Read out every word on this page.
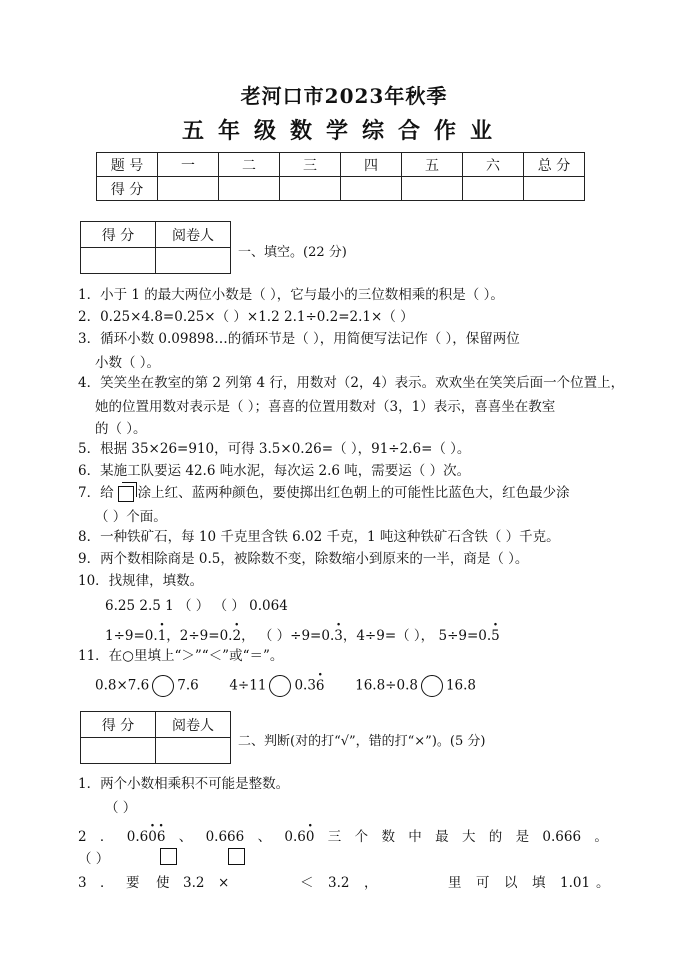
老河口市2023年秋季
五年级数学综合作业
题 号	一	二	三	四	五	六	总 分
得 分							
得 分	阅卷人

一、填空。(22 分)
1．小于 1 的最大两位小数是（ ），它与最小的三位数相乘的积是（ ）。
2．0.25×4.8=0.25×（ ）×1.2 2.1÷0.2=2.1×（ ）
3．循环小数 0.09898…的循环节是（ ），用简便写法记作（ ），保留两位
小数（ ）。
4．笑笑坐在教室的第 2 列第 4 行，用数对（2，4）表示。欢欢坐在笑笑后面一个位置上，
她的位置用数对表示是（ ）；喜喜的位置用数对（3，1）表示，喜喜坐在教室
的（ ）。
5．根据 35×26=910，可得 3.5×0.26=（ ），91÷2.6=（ ）。
6．某施工队要运 42.6 吨水泥，每次运 2.6 吨，需要运（ ）次。
7．给 涂上红、蓝两种颜色，要使掷出红色朝上的可能性比蓝色大，红色最少涂
（ ）个面。
8．一种铁矿石，每 10 千克里含铁 6.02 千克，1 吨这种铁矿石含铁（ ）千克。
9．两个数相除商是 0.5，被除数不变，除数缩小到原来的一半，商是（ ）。
10．找规律，填数。
6.25 2.5 1 （ ） （ ） 0.064
1÷9=0.· 1，2÷9=0.· 2， （ ）÷9=0.· 3，4÷9=（ ）， 5÷9=0.· 5
11．在○里填上“＞”“＜”或“＝”。
0.8×7.6 7.6 4÷11 0.3· 6 16.8÷0.8 16.8
得 分	阅卷人

二、判断(对的打“√”，错的打“×”)。(5 分)
1．两个小数相乘积不可能是整数。
（ ）
2 ． 0.6· 0· 6 、 0.666 、 0.6· 0 三 个 数 中 最 大 的 是 0.666 。
（ ）
3 ． 要 使 3.2 ×	＜ 3.2 ，	里 可 以 填 1.01 。
